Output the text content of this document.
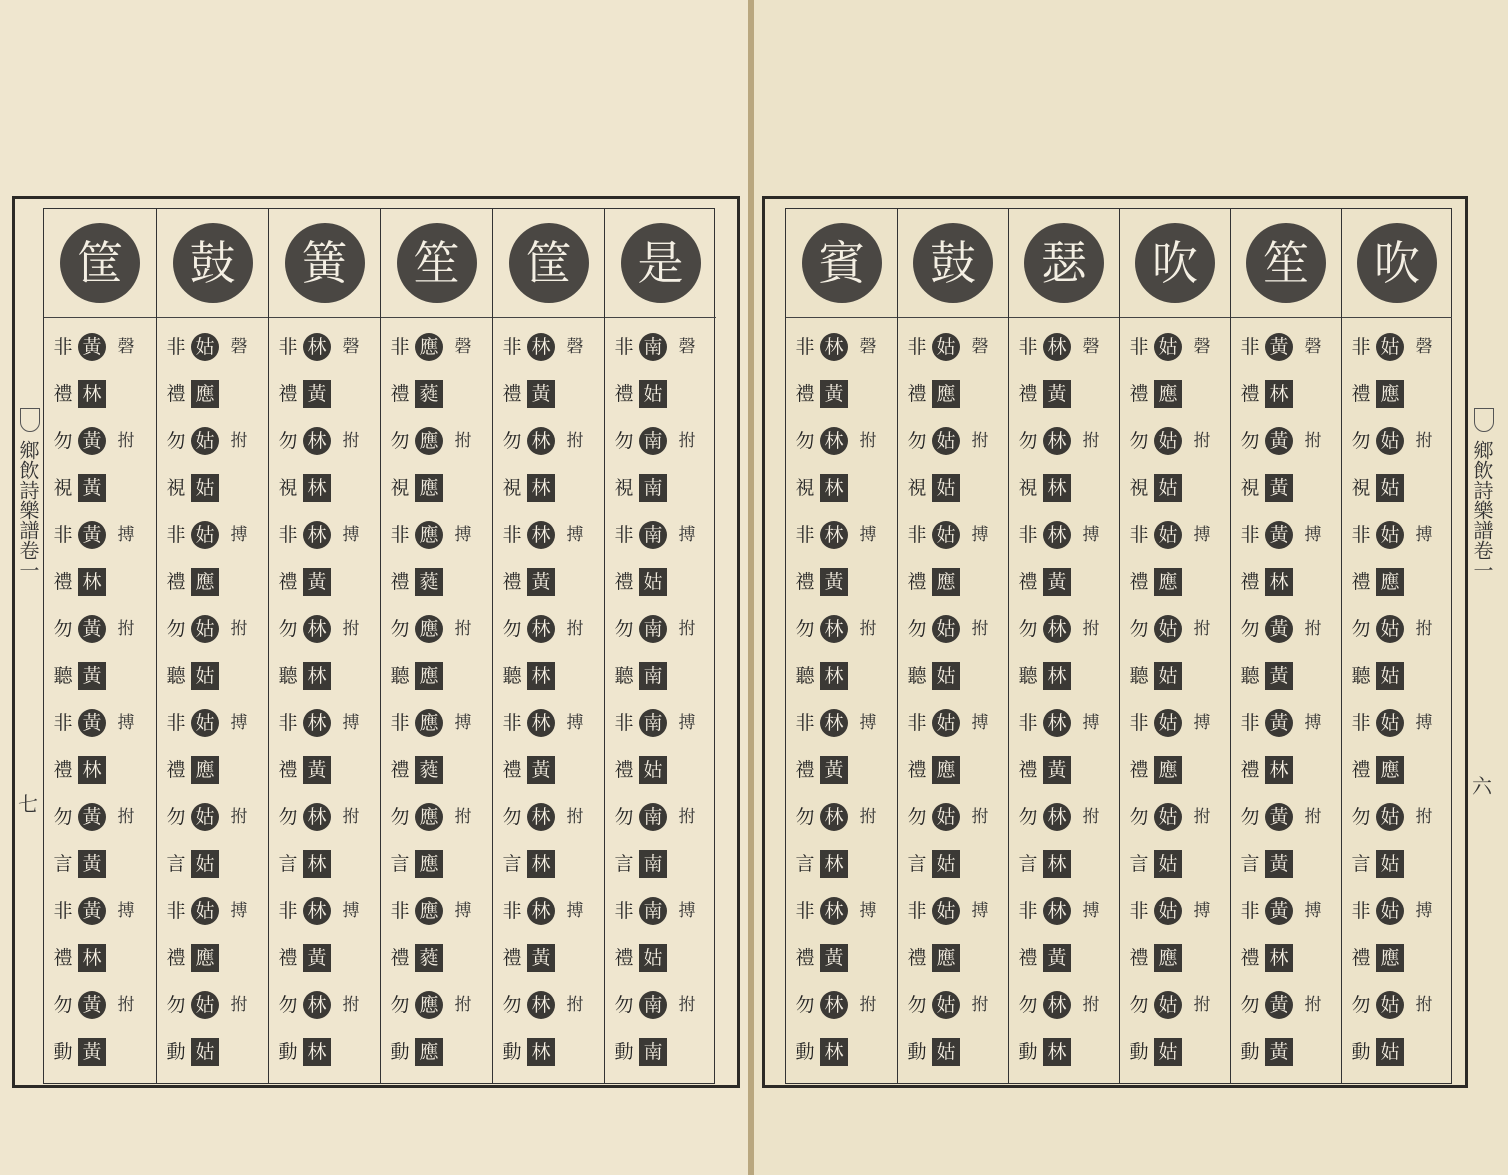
鄉飲詩樂譜卷一
七
鄉飲詩樂譜卷一
六
筐
非 黃 磬
禮 林
勿 黃 拊
視 黃
非 黃 搏
禮 林
勿 黃 拊
聽 黃
非 黃 搏
禮 林
勿 黃 拊
言 黃
非 黃 搏
禮 林
勿 黃 拊
動 黃
鼓
非 姑 磬
禮 應
勿 姑 拊
視 姑
非 姑 搏
禮 應
勿 姑 拊
聽 姑
非 姑 搏
禮 應
勿 姑 拊
言 姑
非 姑 搏
禮 應
勿 姑 拊
動 姑
簧
非 林 磬
禮 黃
勿 林 拊
視 林
非 林 搏
禮 黃
勿 林 拊
聽 林
非 林 搏
禮 黃
勿 林 拊
言 林
非 林 搏
禮 黃
勿 林 拊
動 林
笙
非 應 磬
禮 蕤
勿 應 拊
視 應
非 應 搏
禮 蕤
勿 應 拊
聽 應
非 應 搏
禮 蕤
勿 應 拊
言 應
非 應 搏
禮 蕤
勿 應 拊
動 應
筐
非 林 磬
禮 黃
勿 林 拊
視 林
非 林 搏
禮 黃
勿 林 拊
聽 林
非 林 搏
禮 黃
勿 林 拊
言 林
非 林 搏
禮 黃
勿 林 拊
動 林
是
非 南 磬
禮 姑
勿 南 拊
視 南
非 南 搏
禮 姑
勿 南 拊
聽 南
非 南 搏
禮 姑
勿 南 拊
言 南
非 南 搏
禮 姑
勿 南 拊
動 南
賓
非 林 磬
禮 黃
勿 林 拊
視 林
非 林 搏
禮 黃
勿 林 拊
聽 林
非 林 搏
禮 黃
勿 林 拊
言 林
非 林 搏
禮 黃
勿 林 拊
動 林
鼓
非 姑 磬
禮 應
勿 姑 拊
視 姑
非 姑 搏
禮 應
勿 姑 拊
聽 姑
非 姑 搏
禮 應
勿 姑 拊
言 姑
非 姑 搏
禮 應
勿 姑 拊
動 姑
瑟
非 林 磬
禮 黃
勿 林 拊
視 林
非 林 搏
禮 黃
勿 林 拊
聽 林
非 林 搏
禮 黃
勿 林 拊
言 林
非 林 搏
禮 黃
勿 林 拊
動 林
吹
非 姑 磬
禮 應
勿 姑 拊
視 姑
非 姑 搏
禮 應
勿 姑 拊
聽 姑
非 姑 搏
禮 應
勿 姑 拊
言 姑
非 姑 搏
禮 應
勿 姑 拊
動 姑
笙
非 黃 磬
禮 林
勿 黃 拊
視 黃
非 黃 搏
禮 林
勿 黃 拊
聽 黃
非 黃 搏
禮 林
勿 黃 拊
言 黃
非 黃 搏
禮 林
勿 黃 拊
動 黃
吹
非 姑 磬
禮 應
勿 姑 拊
視 姑
非 姑 搏
禮 應
勿 姑 拊
聽 姑
非 姑 搏
禮 應
勿 姑 拊
言 姑
非 姑 搏
禮 應
勿 姑 拊
動 姑
